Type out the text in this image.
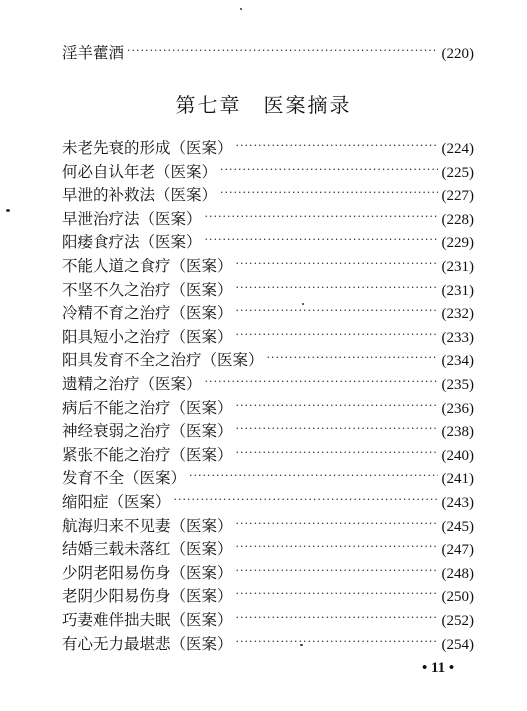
淫羊藿酒 ·····	(220)
第七章 医案摘录
未老先衰的形成（医案） ·····	(224)
何必自认年老（医案） ·····	(225)
早泄的补救法（医案） ·····	(227)
早泄治疗法（医案） ·····	(228)
阳痿食疗法（医案） ·····	(229)
不能人道之食疗（医案） ·····	(231)
不坚不久之治疗（医案） ·····	(231)
冷精不育之治疗（医案） ·····	(232)
阳具短小之治疗（医案） ·····	(233)
阳具发育不全之治疗（医案） ·····	(234)
遗精之治疗（医案） ·····	(235)
病后不能之治疗（医案） ·····	(236)
神经衰弱之治疗（医案） ·····	(238)
紧张不能之治疗（医案） ·····	(240)
发育不全（医案） ·····	(241)
缩阳症（医案） ·····	(243)
航海归来不见妻（医案） ·····	(245)
结婚三载未落红（医案） ·····	(247)
少阴老阳易伤身（医案） ·····	(248)
老阴少阳易伤身（医案） ·····	(250)
巧妻难伴拙夫眠（医案） ·····	(252)
有心无力最堪悲（医案） ·····	(254)
• 11 •
